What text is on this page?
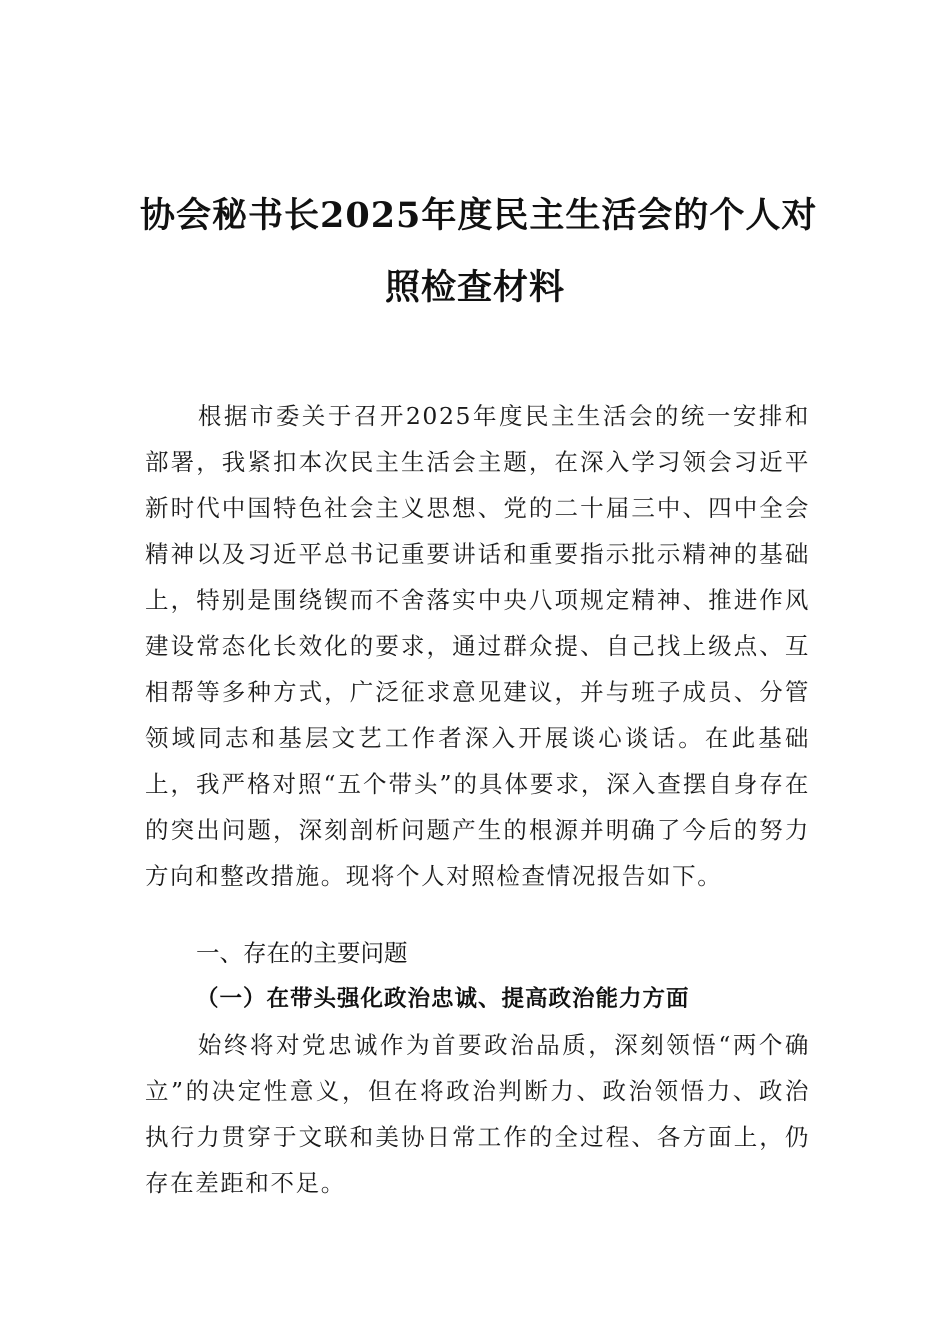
协会秘书长2025年度民主生活会的个人对
照检查材料
根据市委关于召开2025年度民主生活会的统一安排和部署，我紧扣本次民主生活会主题，在深入学习领会习近平新时代中国特色社会主义思想、党的二十届三中、四中全会精神以及习近平总书记重要讲话和重要指示批示精神的基础上，特别是围绕锲而不舍落实中央八项规定精神、推进作风建设常态化长效化的要求，通过群众提、自己找上级点、互相帮等多种方式，广泛征求意见建议，并与班子成员、分管领域同志和基层文艺工作者深入开展谈心谈话。在此基础上，我严格对照“五个带头”的具体要求，深入查摆自身存在的突出问题，深刻剖析问题产生的根源并明确了今后的努力方向和整改措施。现将个人对照检查情况报告如下。
一、存在的主要问题
（一）在带头强化政治忠诚、提高政治能力方面
始终将对党忠诚作为首要政治品质，深刻领悟“两个确立”的决定性意义，但在将政治判断力、政治领悟力、政治执行力贯穿于文联和美协日常工作的全过程、各方面上，仍存在差距和不足。
